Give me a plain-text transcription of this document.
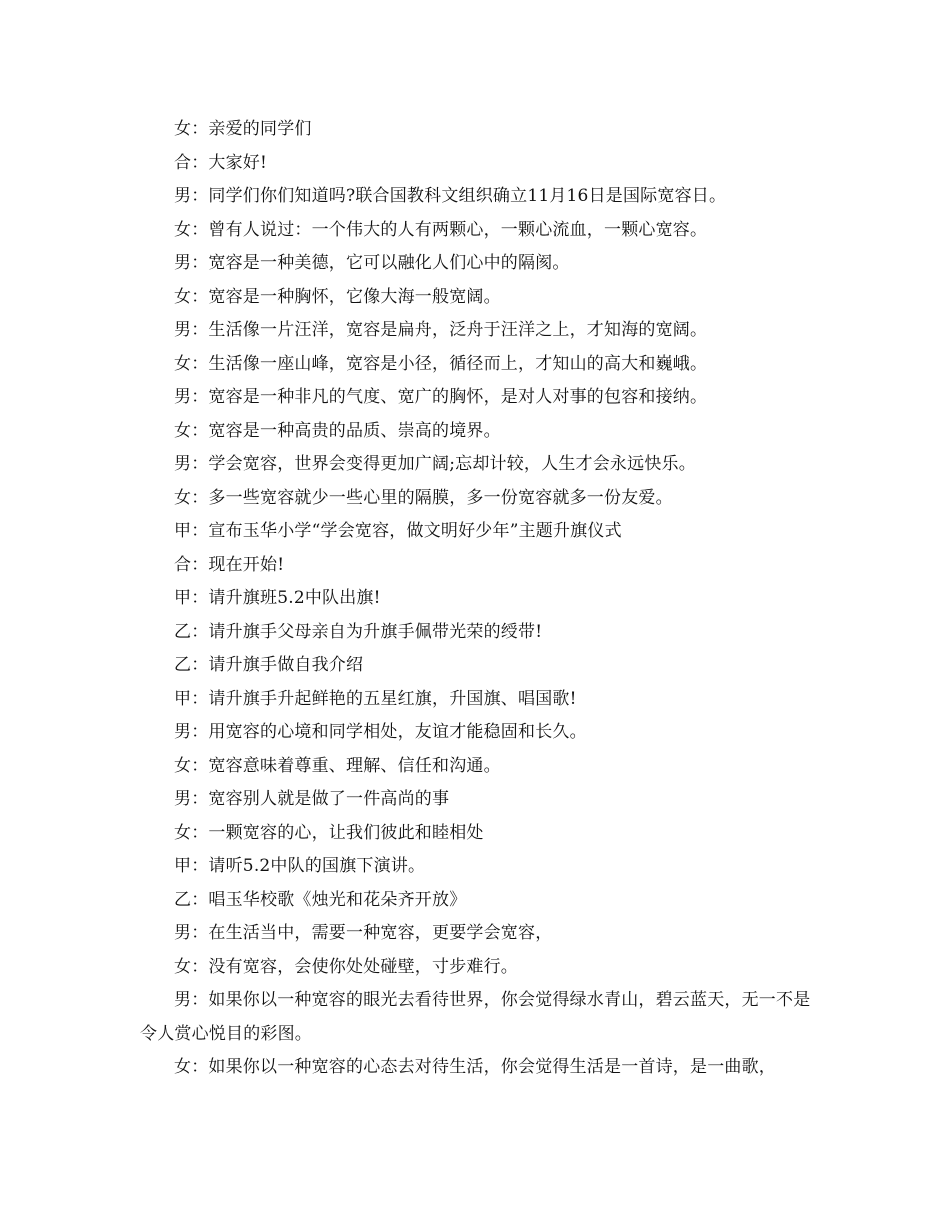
女：亲爱的同学们
合：大家好!
男：同学们你们知道吗?联合国教科文组织确立11月16日是国际宽容日。
女：曾有人说过：一个伟大的人有两颗心，一颗心流血，一颗心宽容。
男：宽容是一种美德，它可以融化人们心中的隔阂。
女：宽容是一种胸怀，它像大海一般宽阔。
男：生活像一片汪洋，宽容是扁舟，泛舟于汪洋之上，才知海的宽阔。
女：生活像一座山峰，宽容是小径，循径而上，才知山的高大和巍峨。
男：宽容是一种非凡的气度、宽广的胸怀，是对人对事的包容和接纳。
女：宽容是一种高贵的品质、崇高的境界。
男：学会宽容，世界会变得更加广阔;忘却计较，人生才会永远快乐。
女：多一些宽容就少一些心里的隔膜，多一份宽容就多一份友爱。
甲：宣布玉华小学“学会宽容，做文明好少年”主题升旗仪式
合：现在开始!
甲：请升旗班5.2中队出旗!
乙：请升旗手父母亲自为升旗手佩带光荣的绶带!
乙：请升旗手做自我介绍
甲：请升旗手升起鲜艳的五星红旗，升国旗、唱国歌!
男：用宽容的心境和同学相处，友谊才能稳固和长久。
女：宽容意味着尊重、理解、信任和沟通。
男：宽容别人就是做了一件高尚的事
女：一颗宽容的心，让我们彼此和睦相处
甲：请听5.2中队的国旗下演讲。
乙：唱玉华校歌《烛光和花朵齐开放》
男：在生活当中，需要一种宽容，更要学会宽容，
女：没有宽容，会使你处处碰壁，寸步难行。
男：如果你以一种宽容的眼光去看待世界，你会觉得绿水青山，碧云蓝天，无一不是令人赏心悦目的彩图。
女：如果你以一种宽容的心态去对待生活，你会觉得生活是一首诗，是一曲歌，
